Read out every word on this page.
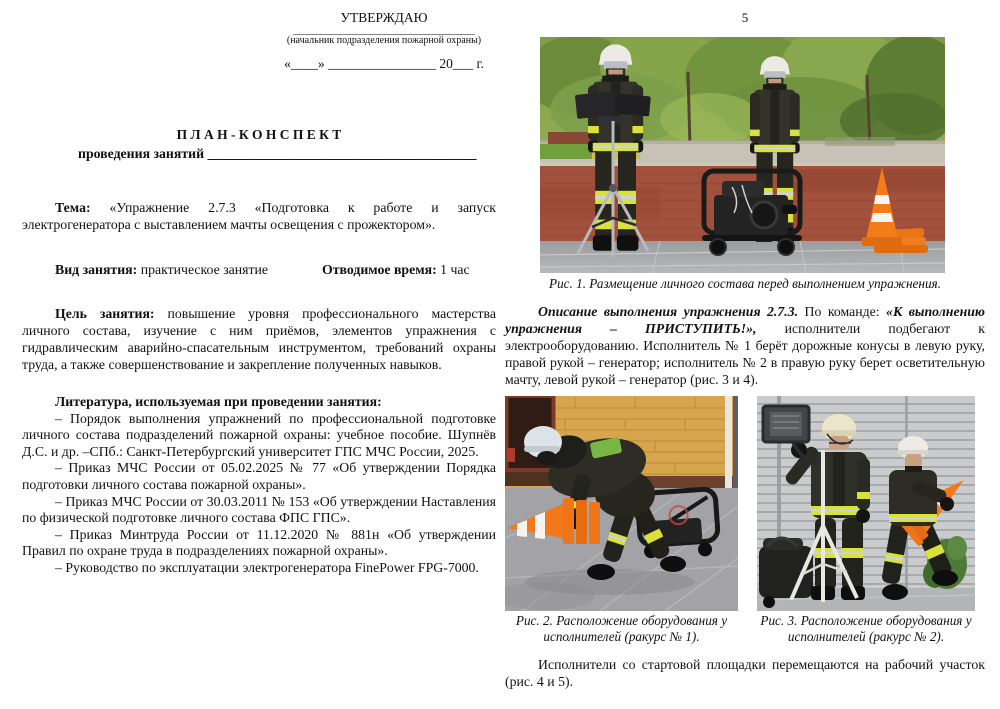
УТВЕРЖДАЮ
_________________________________
(начальник подразделения пожарной охраны)
«____» ________________ 20___ г.
П Л А Н - К О Н С П Е К Т
проведения занятий _______________________________________

Тема: «Упражнение 2.7.3 «Подготовка к работе и запуск электрогенератора с выставлением мачты освещения с прожектором».

Вид занятия: практическое занятие	Отводимое время: 1 час

Цель занятия: повышение уровня профессионального мастерства личного состава, изучение с ним приёмов, элементов упражнения с гидравлическим аварийно-спасательным инструментом, требований охраны труда, а также совершенствование и закрепление полученных навыков.

Литература, используемая при проведении занятия:

– Порядок выполнения упражнений по профессиональной подготовке личного состава подразделений пожарной охраны: учебное пособие. Шупнёв Д.С. и др. –СПб.: Санкт-Петербургский университет ГПС МЧС России, 2025.

– Приказ МЧС России от 05.02.2025 № 77 «Об утверждении Порядка подготовки личного состава пожарной охраны».

– Приказ МЧС России от 30.03.2011 № 153 «Об утверждении Наставления по физической подготовке личного состава ФПС ГПС».

– Приказ Минтруда России от 11.12.2020 № 881н «Об утверждении Правил по охране труда в подразделениях пожарной охраны».

– Руководство по эксплуатации электрогенератора FinePower FPG-7000.

5

Рис. 1. Размещение личного состава перед выполнением упражнения.

Описание выполнения упражнения 2.7.3. По команде: «К выполнению упражнения – ПРИСТУПИТЬ!», исполнители подбегают к электрооборудованию. Исполнитель № 1 берёт дорожные конусы в левую руку, правой рукой – генератор; исполнитель № 2 в правую руку берет осветительную мачту, левой рукой – генератор (рис. 3 и 4).

Рис. 2. Расположение оборудования у исполнителей (ракурс № 1).

Рис. 3. Расположение оборудования у исполнителей (ракурс № 2).

Исполнители со стартовой площадки перемещаются на рабочий участок (рис. 4 и 5).
